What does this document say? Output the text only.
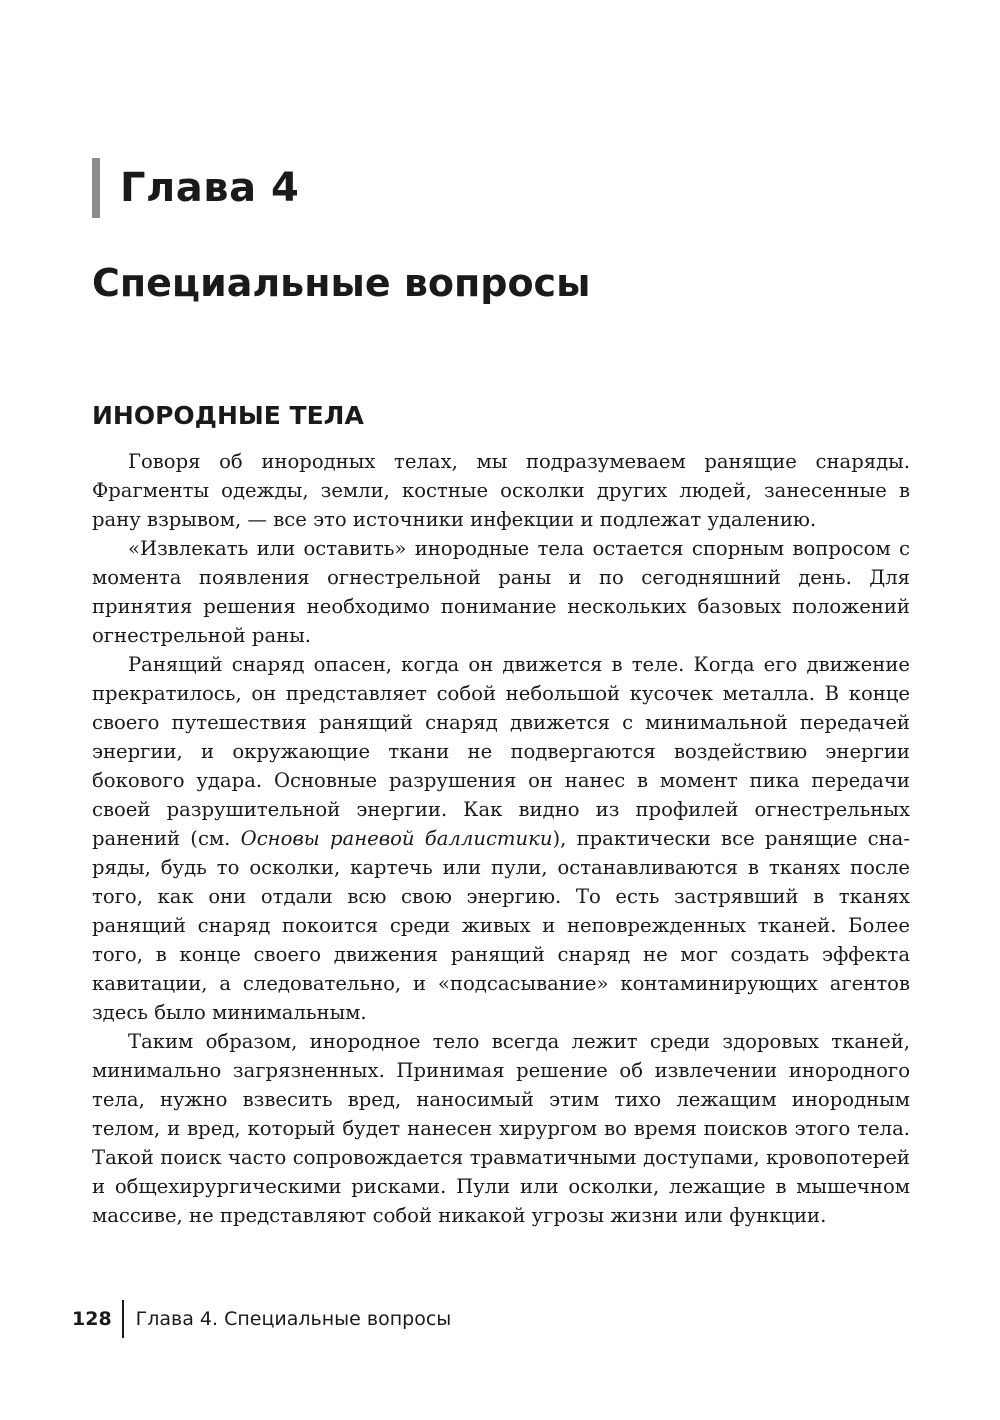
Глава 4
Специальные вопросы
ИНОРОДНЫЕ ТЕЛА

Говоря об инородных телах, мы подразумеваем ранящие снаряды. Фрагменты одежды, земли, костные осколки других людей, занесенные в рану взрывом, — все это источники инфекции и подлежат удалению.

«Извлекать или оставить» инородные тела остается спорным вопросом с момента появления огнестрельной раны и по сегодняшний день. Для принятия решения необходимо понимание нескольких базовых положений огнестрельной раны.

Ранящий снаряд опасен, когда он движется в теле. Когда его движение прекратилось, он представляет собой небольшой кусочек металла. В конце своего путешествия ранящий снаряд движется с минимальной передачей энергии, и окружающие ткани не подвергаются воздействию энергии бокового удара. Основные разрушения он нанес в момент пика передачи своей разрушительной энергии. Как видно из профилей огнестрельных ранений (см. Основы раневой баллистики), практически все ранящие снаряды, будь то осколки, картечь или пули, останавливаются в тканях после того, как они отдали всю свою энергию. То есть застрявший в тканях ранящий снаряд покоится среди живых и неповрежденных тканей. Более того, в конце своего движения ранящий снаряд не мог создать эффекта кавитации, а следовательно, и «подсасывание» контаминирующих агентов здесь было минимальным.

Таким образом, инородное тело всегда лежит среди здоровых тканей, минимально загрязненных. Принимая решение об извлечении инородного тела, нужно взвесить вред, наносимый этим тихо лежащим инородным телом, и вред, который будет нанесен хирургом во время поисков этого тела. Такой поиск часто сопровождается травматичными доступами, кровопотерей и общехирургическими рисками. Пули или осколки, лежащие в мышечном массиве, не представляют собой никакой угрозы жизни или функции.

128	Глава 4. Специальные вопросы
